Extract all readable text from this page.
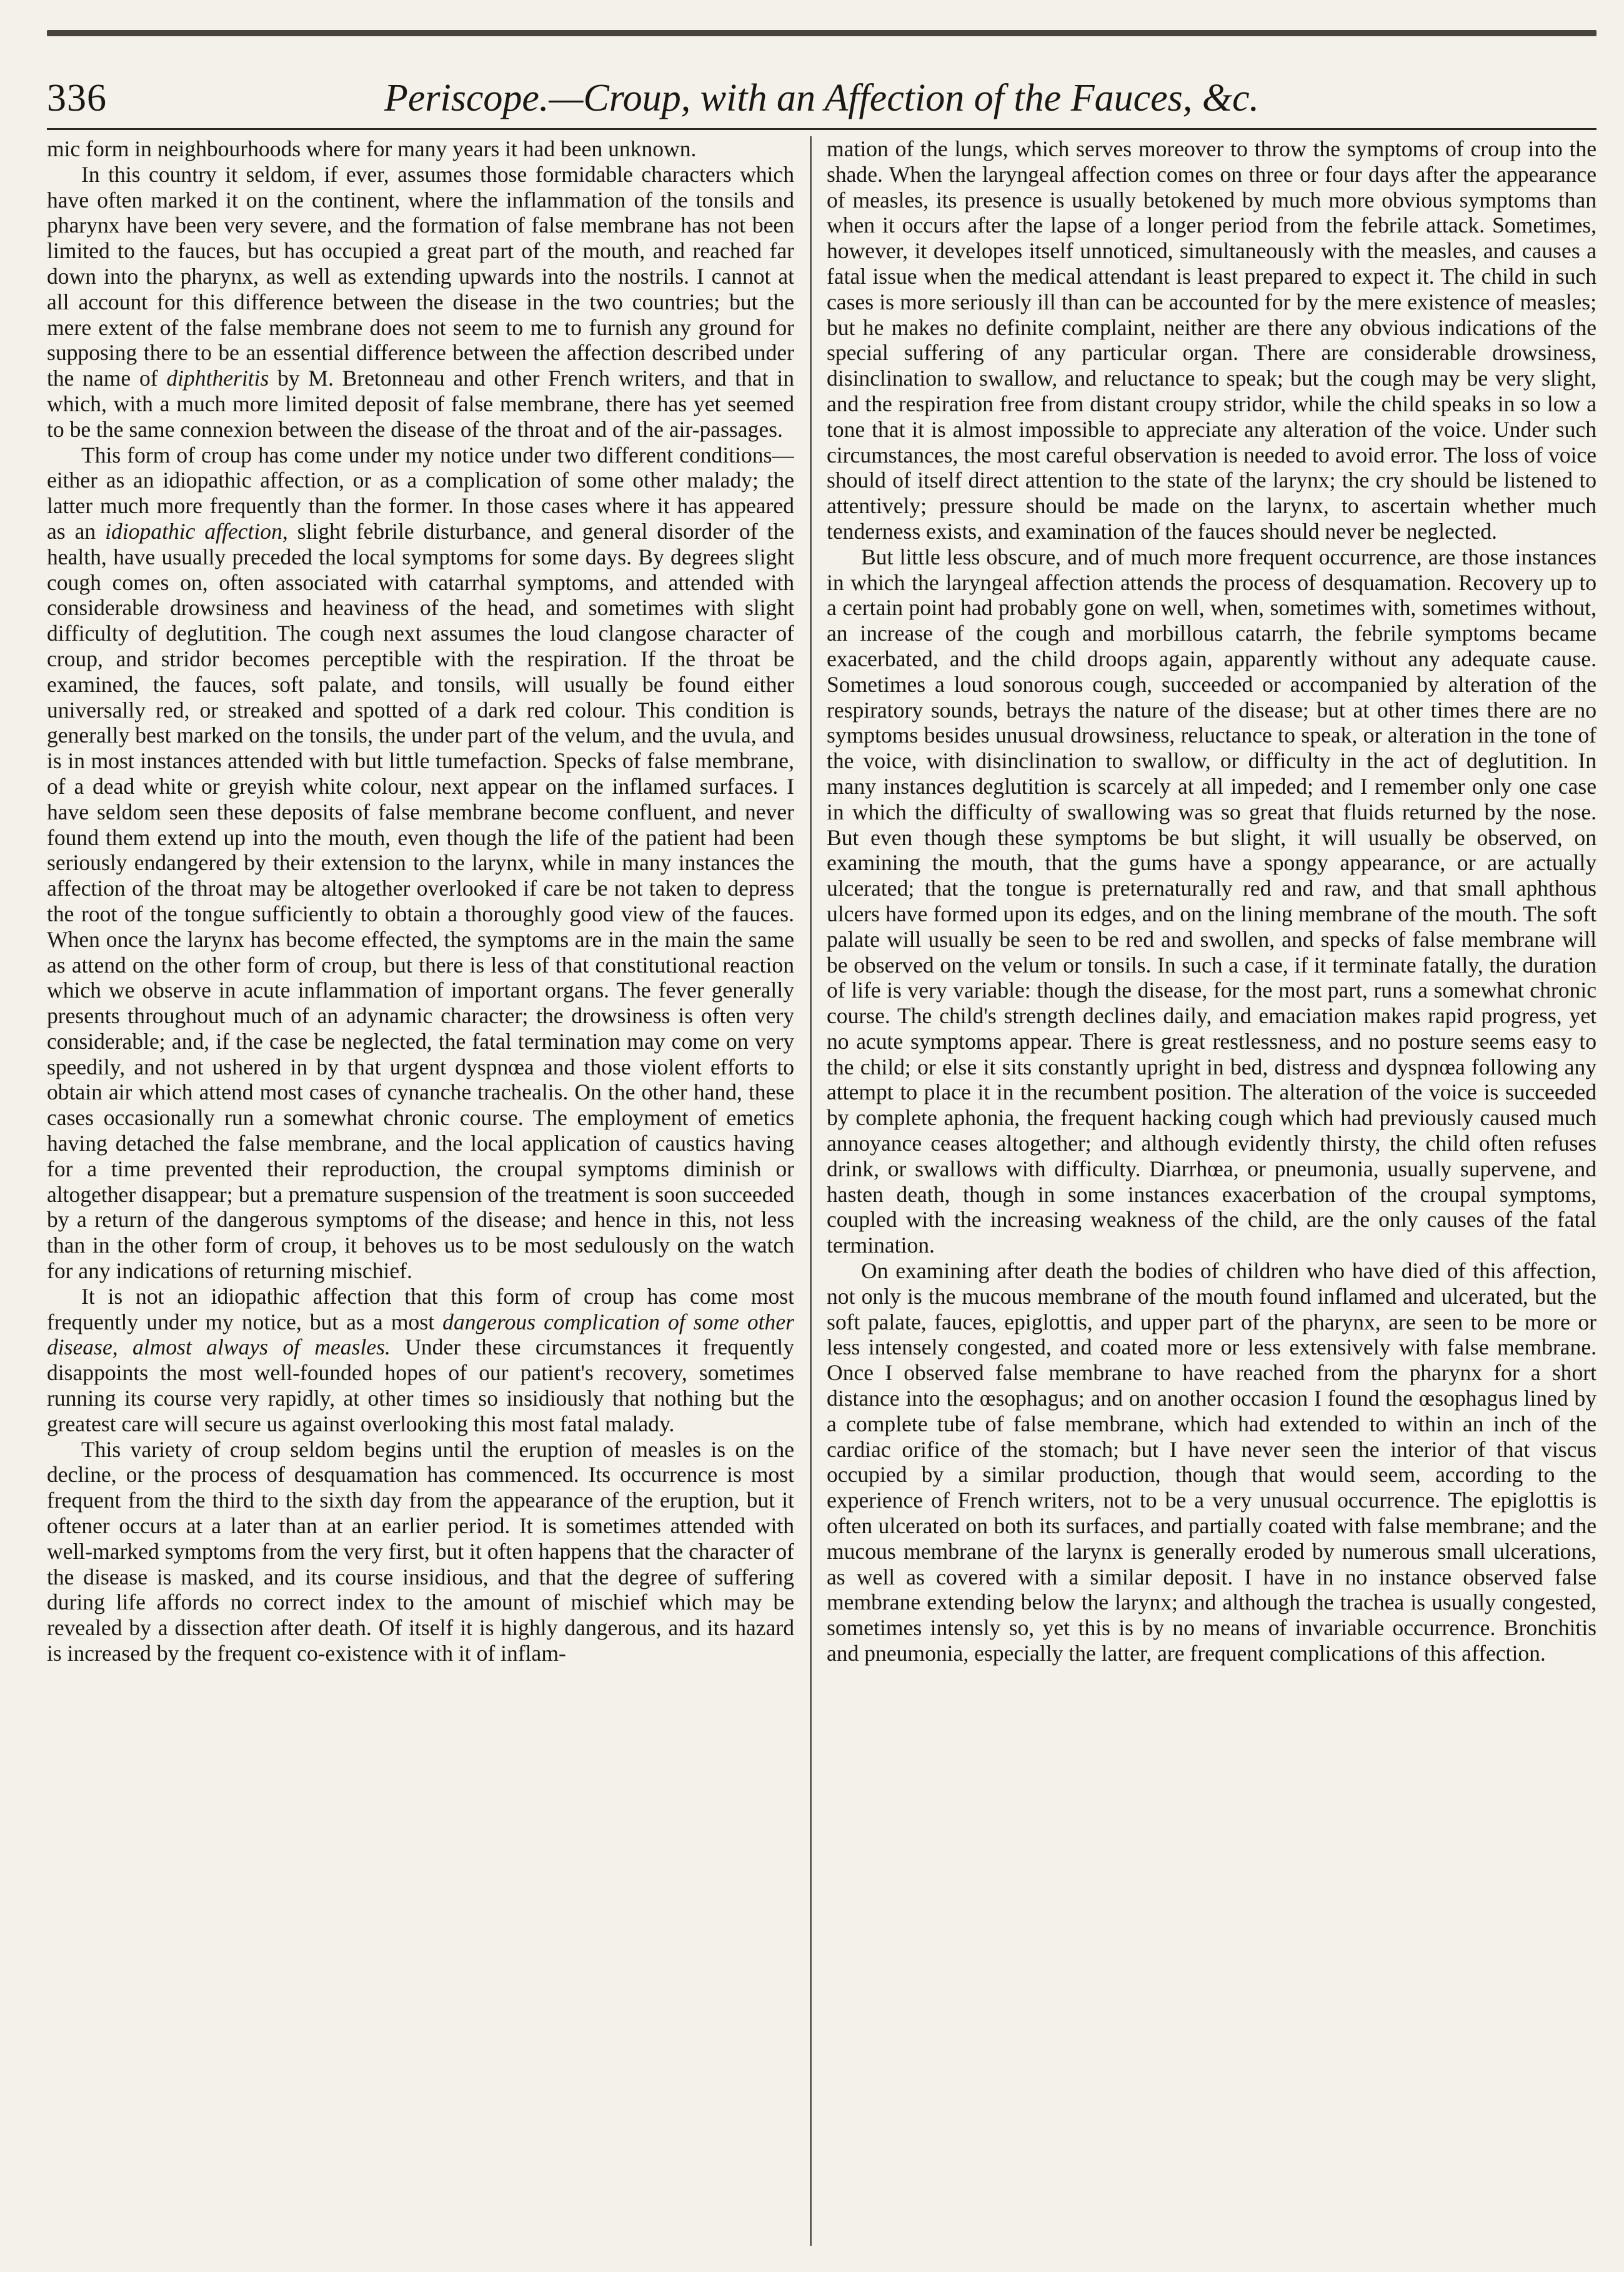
Periscope.—Croup, with an Affection of the Fauces, &c.
336

mic form in neighbourhoods where for many years it had been unknown.

In this country it seldom, if ever, assumes those formidable characters which have often marked it on the continent, where the inflammation of the tonsils and pharynx have been very severe, and the formation of false membrane has not been limited to the fauces, but has occupied a great part of the mouth, and reached far down into the pharynx, as well as extending upwards into the nostrils. I cannot at all account for this difference between the disease in the two countries; but the mere extent of the false membrane does not seem to me to furnish any ground for supposing there to be an essential difference between the affection described under the name of diphtheritis by M. Bretonneau and other French writers, and that in which, with a much more limited deposit of false membrane, there has yet seemed to be the same connexion between the disease of the throat and of the air-passages.

This form of croup has come under my notice under two different conditions—either as an idiopathic affection, or as a complication of some other malady; the latter much more frequently than the former. In those cases where it has appeared as an idiopathic affection, slight febrile disturbance, and general disorder of the health, have usually preceded the local symptoms for some days. By degrees slight cough comes on, often associated with catarrhal symptoms, and attended with considerable drowsiness and heaviness of the head, and sometimes with slight difficulty of deglutition. The cough next assumes the loud clangose character of croup, and stridor becomes perceptible with the respiration. If the throat be examined, the fauces, soft palate, and tonsils, will usually be found either universally red, or streaked and spotted of a dark red colour. This condition is generally best marked on the tonsils, the under part of the velum, and the uvula, and is in most instances attended with but little tumefaction. Specks of false membrane, of a dead white or greyish white colour, next appear on the inflamed surfaces. I have seldom seen these deposits of false membrane become confluent, and never found them extend up into the mouth, even though the life of the patient had been seriously endangered by their extension to the larynx, while in many instances the affection of the throat may be altogether overlooked if care be not taken to depress the root of the tongue sufficiently to obtain a thoroughly good view of the fauces. When once the larynx has become effected, the symptoms are in the main the same as attend on the other form of croup, but there is less of that constitutional reaction which we observe in acute inflammation of important organs. The fever generally presents throughout much of an adynamic character; the drowsiness is often very considerable; and, if the case be neglected, the fatal termination may come on very speedily, and not ushered in by that urgent dyspnœa and those violent efforts to obtain air which attend most cases of cynanche trachealis. On the other hand, these cases occasionally run a somewhat chronic course. The employment of emetics having detached the false membrane, and the local application of caustics having for a time prevented their reproduction, the croupal symptoms diminish or altogether disappear; but a premature suspension of the treatment is soon succeeded by a return of the dangerous symptoms of the disease; and hence in this, not less than in the other form of croup, it behoves us to be most sedulously on the watch for any indications of returning mischief.

It is not an idiopathic affection that this form of croup has come most frequently under my notice, but as a most dangerous complication of some other disease, almost always of measles. Under these circumstances it frequently disappoints the most well-founded hopes of our patient's recovery, sometimes running its course very rapidly, at other times so insidiously that nothing but the greatest care will secure us against overlooking this most fatal malady.

This variety of croup seldom begins until the eruption of measles is on the decline, or the process of desquamation has commenced. Its occurrence is most frequent from the third to the sixth day from the appearance of the eruption, but it oftener occurs at a later than at an earlier period. It is sometimes attended with well-marked symptoms from the very first, but it often happens that the character of the disease is masked, and its course insidious, and that the degree of suffering during life affords no correct index to the amount of mischief which may be revealed by a dissection after death. Of itself it is highly dangerous, and its hazard is increased by the frequent co-existence with it of inflam-

mation of the lungs, which serves moreover to throw the symptoms of croup into the shade. When the laryngeal affection comes on three or four days after the appearance of measles, its presence is usually betokened by much more obvious symptoms than when it occurs after the lapse of a longer period from the febrile attack. Sometimes, however, it developes itself unnoticed, simultaneously with the measles, and causes a fatal issue when the medical attendant is least prepared to expect it. The child in such cases is more seriously ill than can be accounted for by the mere existence of measles; but he makes no definite complaint, neither are there any obvious indications of the special suffering of any particular organ. There are considerable drowsiness, disinclination to swallow, and reluctance to speak; but the cough may be very slight, and the respiration free from distant croupy stridor, while the child speaks in so low a tone that it is almost impossible to appreciate any alteration of the voice. Under such circumstances, the most careful observation is needed to avoid error. The loss of voice should of itself direct attention to the state of the larynx; the cry should be listened to attentively; pressure should be made on the larynx, to ascertain whether much tenderness exists, and examination of the fauces should never be neglected.

But little less obscure, and of much more frequent occurrence, are those instances in which the laryngeal affection attends the process of desquamation. Recovery up to a certain point had probably gone on well, when, sometimes with, sometimes without, an increase of the cough and morbillous catarrh, the febrile symptoms became exacerbated, and the child droops again, apparently without any adequate cause. Sometimes a loud sonorous cough, succeeded or accompanied by alteration of the respiratory sounds, betrays the nature of the disease; but at other times there are no symptoms besides unusual drowsiness, reluctance to speak, or alteration in the tone of the voice, with disinclination to swallow, or difficulty in the act of deglutition. In many instances deglutition is scarcely at all impeded; and I remember only one case in which the difficulty of swallowing was so great that fluids returned by the nose. But even though these symptoms be but slight, it will usually be observed, on examining the mouth, that the gums have a spongy appearance, or are actually ulcerated; that the tongue is preternaturally red and raw, and that small aphthous ulcers have formed upon its edges, and on the lining membrane of the mouth. The soft palate will usually be seen to be red and swollen, and specks of false membrane will be observed on the velum or tonsils. In such a case, if it terminate fatally, the duration of life is very variable: though the disease, for the most part, runs a somewhat chronic course. The child's strength declines daily, and emaciation makes rapid progress, yet no acute symptoms appear. There is great restlessness, and no posture seems easy to the child; or else it sits constantly upright in bed, distress and dyspnœa following any attempt to place it in the recumbent position. The alteration of the voice is succeeded by complete aphonia, the frequent hacking cough which had previously caused much annoyance ceases altogether; and although evidently thirsty, the child often refuses drink, or swallows with difficulty. Diarrhœa, or pneumonia, usually supervene, and hasten death, though in some instances exacerbation of the croupal symptoms, coupled with the increasing weakness of the child, are the only causes of the fatal termination.

On examining after death the bodies of children who have died of this affection, not only is the mucous membrane of the mouth found inflamed and ulcerated, but the soft palate, fauces, epiglottis, and upper part of the pharynx, are seen to be more or less intensely congested, and coated more or less extensively with false membrane. Once I observed false membrane to have reached from the pharynx for a short distance into the œsophagus; and on another occasion I found the œsophagus lined by a complete tube of false membrane, which had extended to within an inch of the cardiac orifice of the stomach; but I have never seen the interior of that viscus occupied by a similar production, though that would seem, according to the experience of French writers, not to be a very unusual occurrence. The epiglottis is often ulcerated on both its surfaces, and partially coated with false membrane; and the mucous membrane of the larynx is generally eroded by numerous small ulcerations, as well as covered with a similar deposit. I have in no instance observed false membrane extending below the larynx; and although the trachea is usually congested, sometimes intensly so, yet this is by no means of invariable occurrence. Bronchitis and pneumonia, especially the latter, are frequent complications of this affection.
